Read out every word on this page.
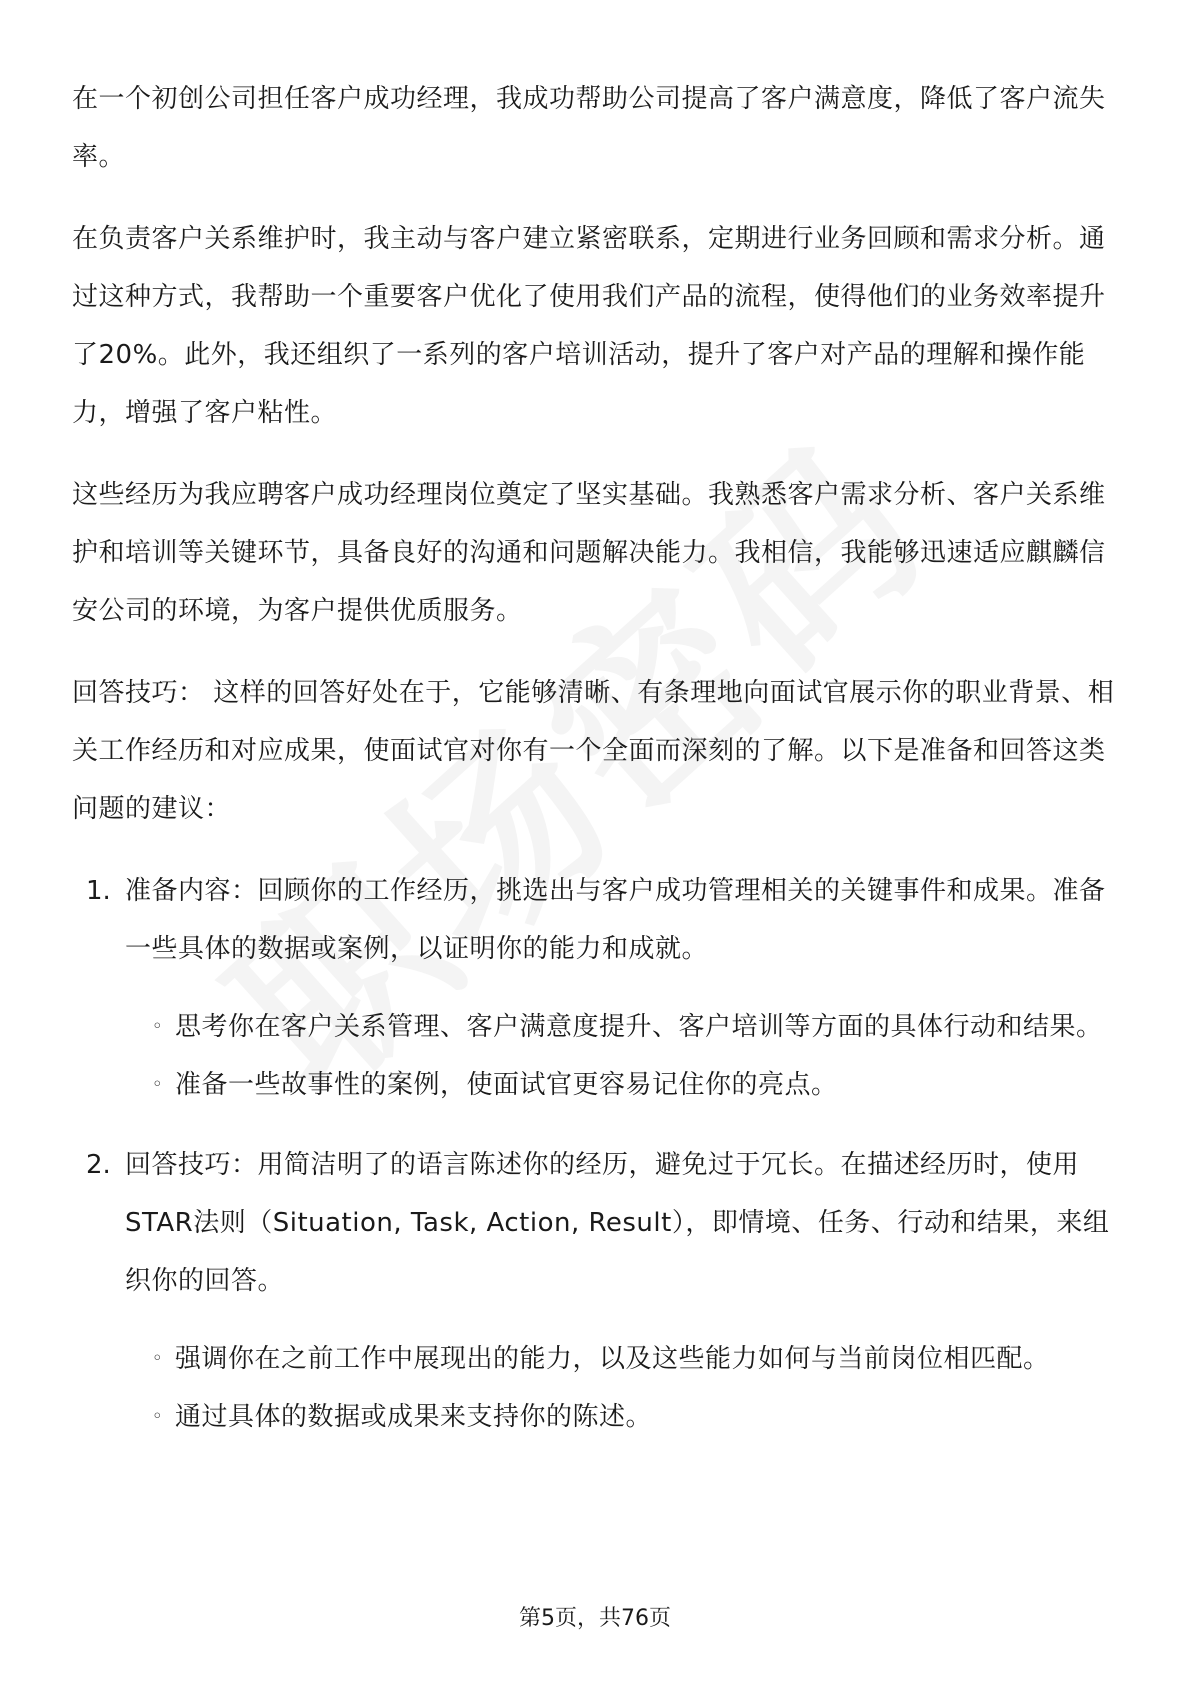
在一个初创公司担任客户成功经理，我成功帮助公司提高了客户满意度，降低了客户流失率。

在负责客户关系维护时，我主动与客户建立紧密联系，定期进行业务回顾和需求分析。通过这种方式，我帮助一个重要客户优化了使用我们产品的流程，使得他们的业务效率提升了20%。此外，我还组织了一系列的客户培训活动，提升了客户对产品的理解和操作能力，增强了客户粘性。

这些经历为我应聘客户成功经理岗位奠定了坚实基础。我熟悉客户需求分析、客户关系维护和培训等关键环节，具备良好的沟通和问题解决能力。我相信，我能够迅速适应麒麟信安公司的环境，为客户提供优质服务。

回答技巧： 这样的回答好处在于，它能够清晰、有条理地向面试官展示你的职业背景、相关工作经历和对应成果，使面试官对你有一个全面而深刻的了解。以下是准备和回答这类问题的建议：

1. 准备内容：回顾你的工作经历，挑选出与客户成功管理相关的关键事件和成果。准备一些具体的数据或案例，以证明你的能力和成就。

◦ 思考你在客户关系管理、客户满意度提升、客户培训等方面的具体行动和结果。
◦ 准备一些故事性的案例，使面试官更容易记住你的亮点。
2. 回答技巧：用简洁明了的语言陈述你的经历，避免过于冗长。在描述经历时，使用STAR法则（Situation, Task, Action, Result），即情境、任务、行动和结果，来组织你的回答。

◦ 强调你在之前工作中展现出的能力，以及这些能力如何与当前岗位相匹配。
◦ 通过具体的数据或成果来支持你的陈述。
第5页，共76页
